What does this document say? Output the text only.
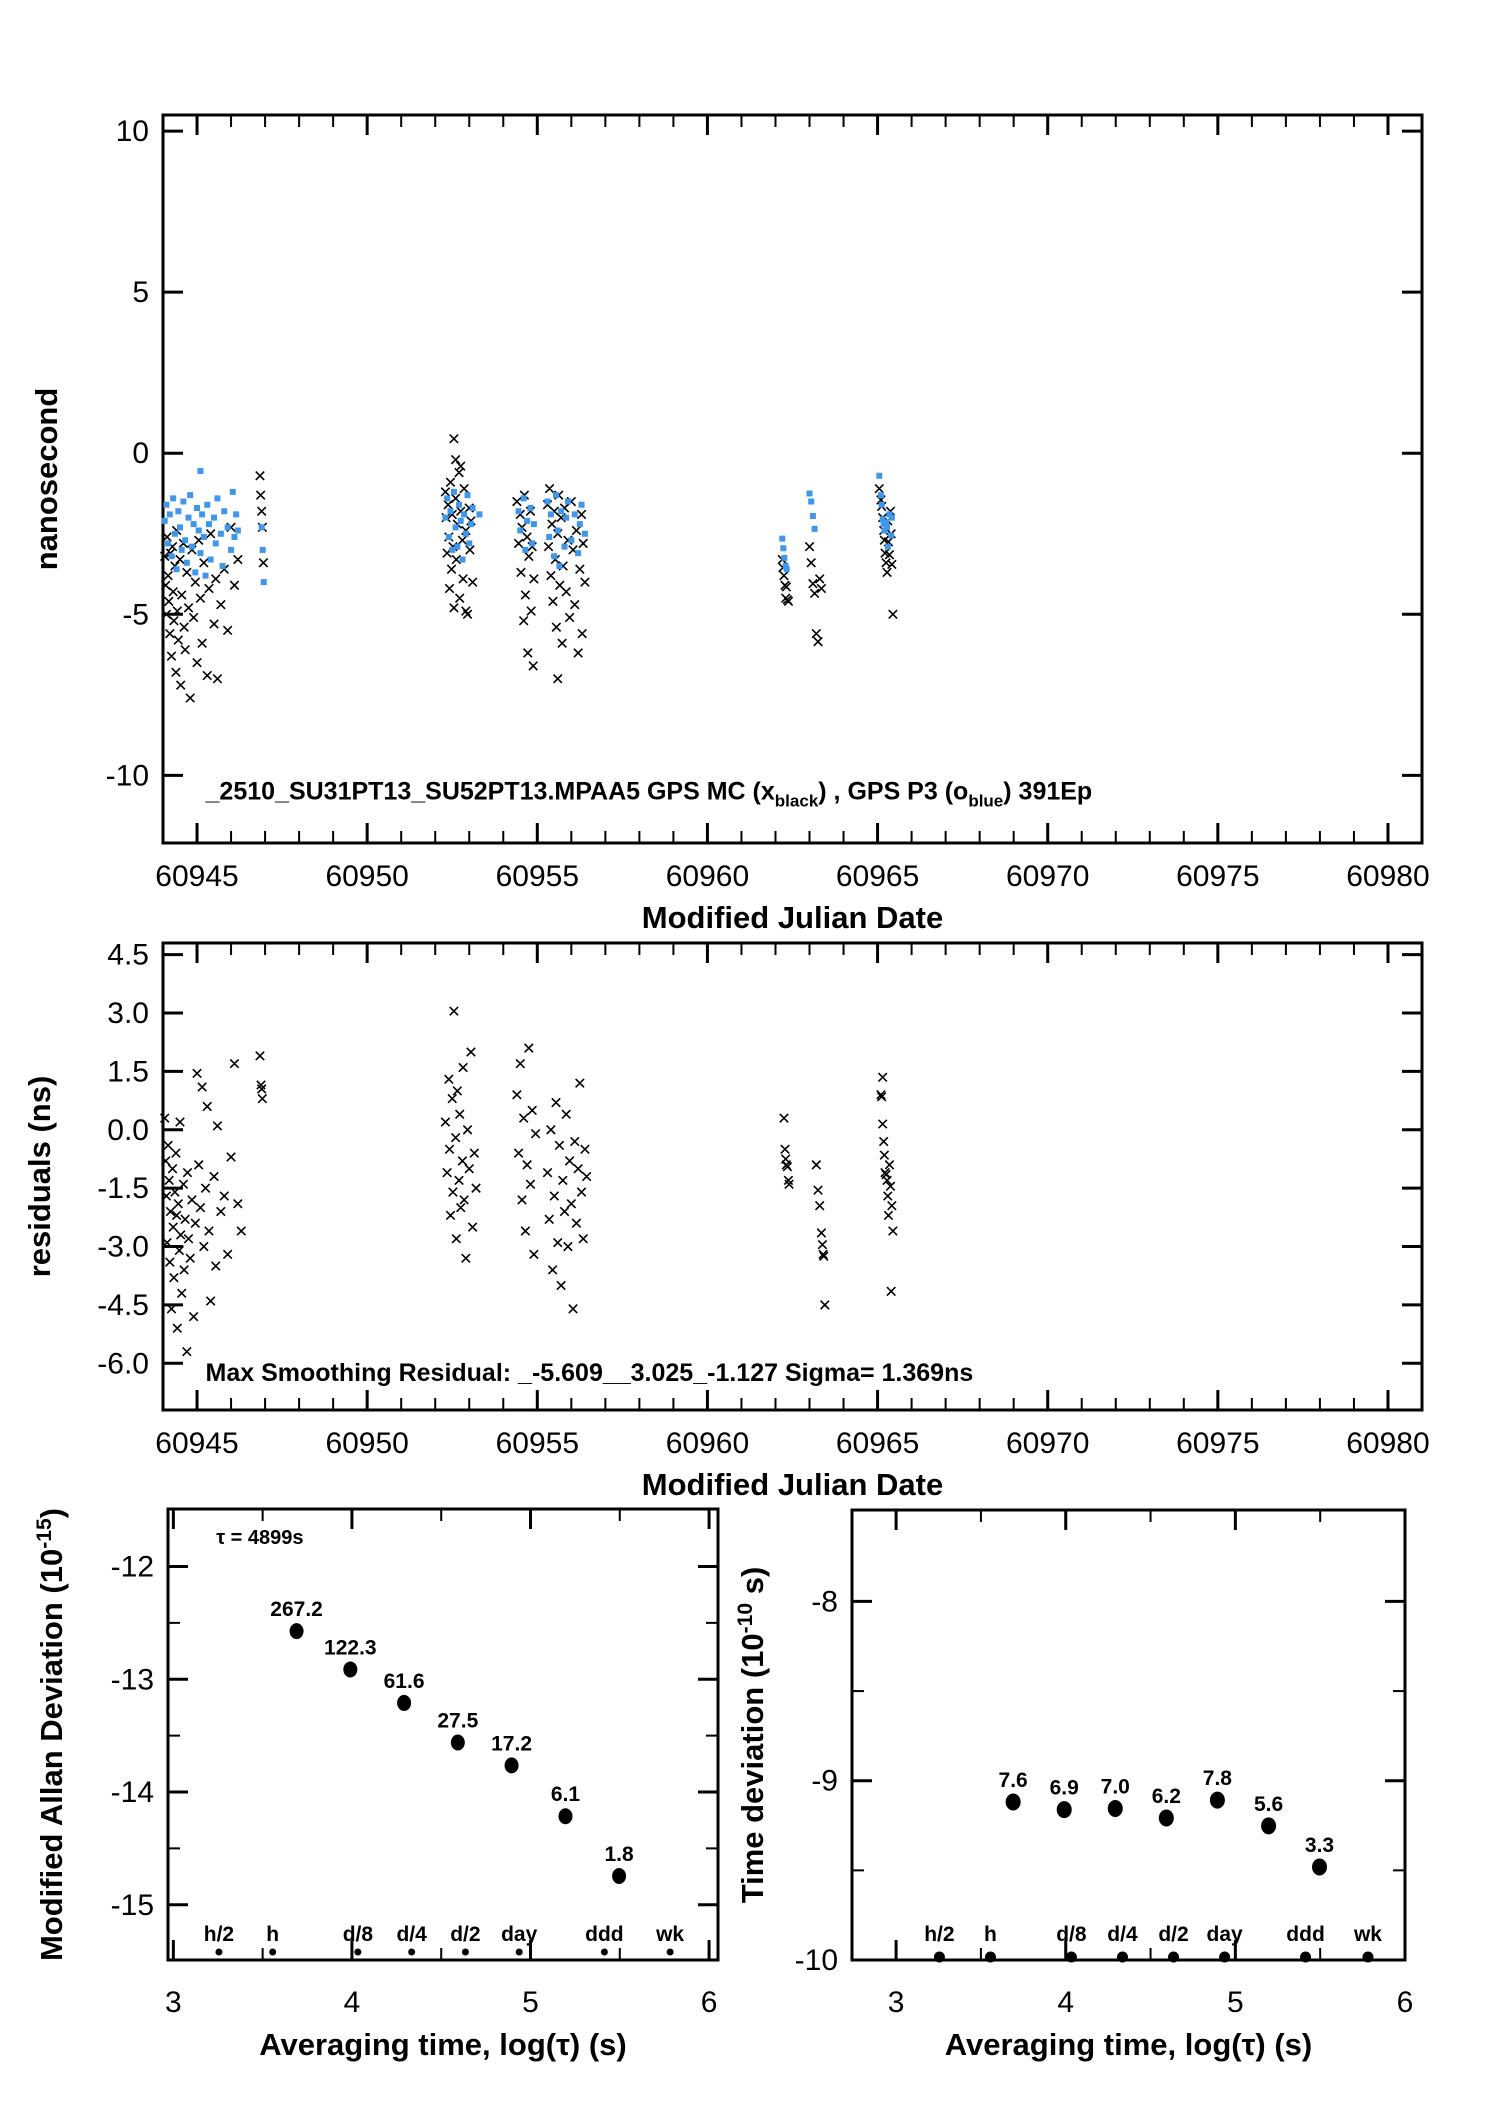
60945	60950	60955	60960	60965	60970	60975	60980
10
5
0
-5
-10
Modified Julian Date
nanosecond
_2510_SU31PT13_SU52PT13.MPAA5 GPS MC $(x_{black})$ , GPS P3 $(o_{blue})$ 391Ep
60945	60950	60955	60960	60965	60970	60975	60980
4.5
3.0
1.5
0.0
-1.5
-3.0
-4.5
-6.0
Modified Julian Date
residuals (ns)
Max Smoothing Residual: _-5.609__3.025_-1.127 Sigma= 1.369ns
3	4	5	6
-12
-13
-14
-15
Averaging time, log(τ) (s)
Modified Allan Deviation $(10^{-15})$
267.2
122.3
61.6
27.5
17.2
6.1
1.8
h/2 h	d/8 d/4 d/2 day ddd wk
τ = 4899s
3	4	5	6
-8
-9
-10
Averaging time, log(τ) (s)
Time deviation ($10^{-10}$ s)
7.6 6.9 7.0 6.2
7.8
5.6
3.3
h/2 h	d/8 d/4 d/2 day ddd wk
